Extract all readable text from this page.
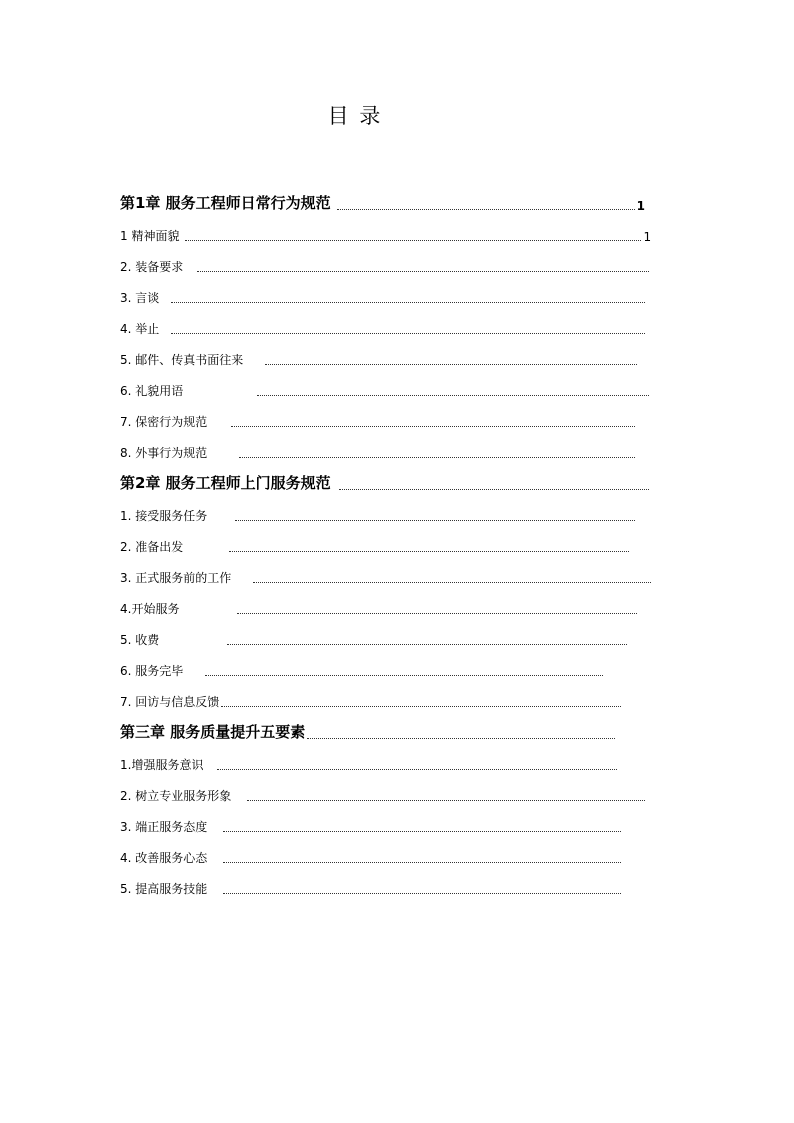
目 录
第1章 服务工程师日常行为规范	1
1 精神面貌	1
2. 装备要求
3. 言谈
4. 举止
5. 邮件、传真书面往来
6. 礼貌用语
7. 保密行为规范
8. 外事行为规范
第2章 服务工程师上门服务规范
1. 接受服务任务
2. 准备出发
3. 正式服务前的工作
4.开始服务
5. 收费
6. 服务完毕
7. 回访与信息反馈
第三章 服务质量提升五要素
1.增强服务意识
2. 树立专业服务形象
3. 端正服务态度
4. 改善服务心态
5. 提高服务技能
